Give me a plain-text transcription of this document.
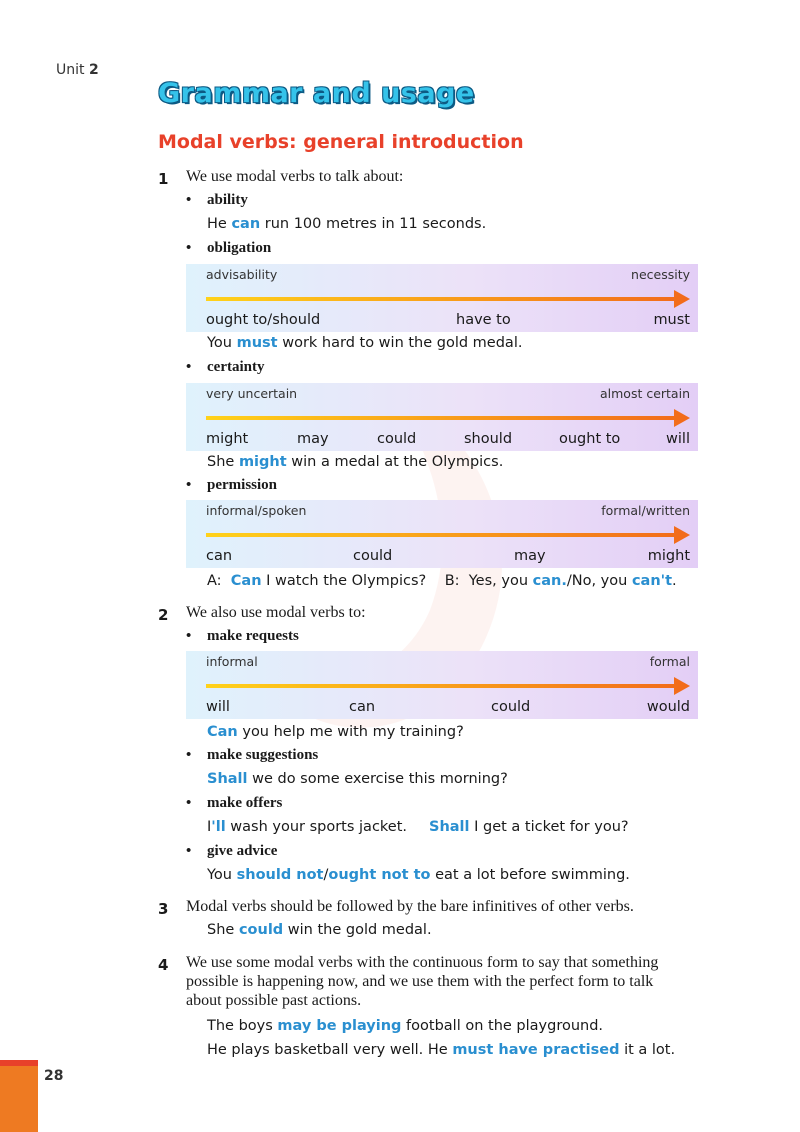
Unit 2
Grammar and usage
Modal verbs: general introduction
1 We use modal verbs to talk about:
• ability
He can run 100 metres in 11 seconds.
• obligation
advisability	necessity
ought to/should	have to	must
You must work hard to win the gold medal.
• certainty
very uncertain	almost certain
might	may	could	should	ought to	will
She might win a medal at the Olympics.
• permission
informal/spoken	formal/written
can	could	may	might
A: Can I watch the Olympics? B: Yes, you can./No, you can't.
2 We also use modal verbs to:
• make requests
informal	formal
will	can	could	would
Can you help me with my training?
• make suggestions
Shall we do some exercise this morning?
• make offers
I'll wash your sports jacket. Shall I get a ticket for you?
• give advice
You should not/ought not to eat a lot before swimming.
3 Modal verbs should be followed by the bare infinitives of other verbs.
She could win the gold medal.
4 We use some modal verbs with the continuous form to say that something
possible is happening now, and we use them with the perfect form to talk
about possible past actions.
The boys may be playing football on the playground.
He plays basketball very well. He must have practised it a lot.
28
